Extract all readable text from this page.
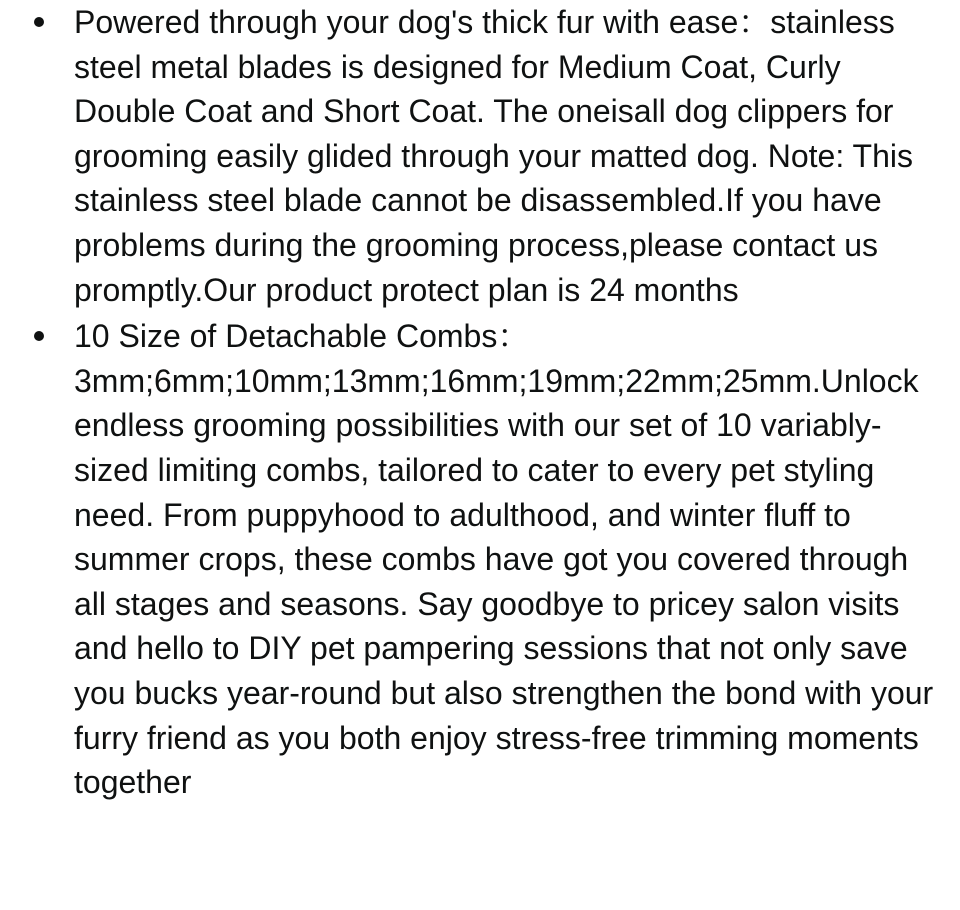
Powered through your dog's thick fur with ease：stainless steel metal blades is designed for Medium Coat, Curly Double Coat and Short Coat. The oneisall dog clippers for grooming easily glided through your matted dog. Note: This stainless steel blade cannot be disassembled.If you have problems during the grooming process,please contact us promptly.Our product protect plan is 24 months
10 Size of Detachable Combs：3mm;6mm;10mm;13mm;16mm;19mm;22mm;25mm.Unlock endless grooming possibilities with our set of 10 variably-sized limiting combs, tailored to cater to every pet styling need. From puppyhood to adulthood, and winter fluff to summer crops, these combs have got you covered through all stages and seasons. Say goodbye to pricey salon visits and hello to DIY pet pampering sessions that not only save you bucks year-round but also strengthen the bond with your furry friend as you both enjoy stress-free trimming moments together
